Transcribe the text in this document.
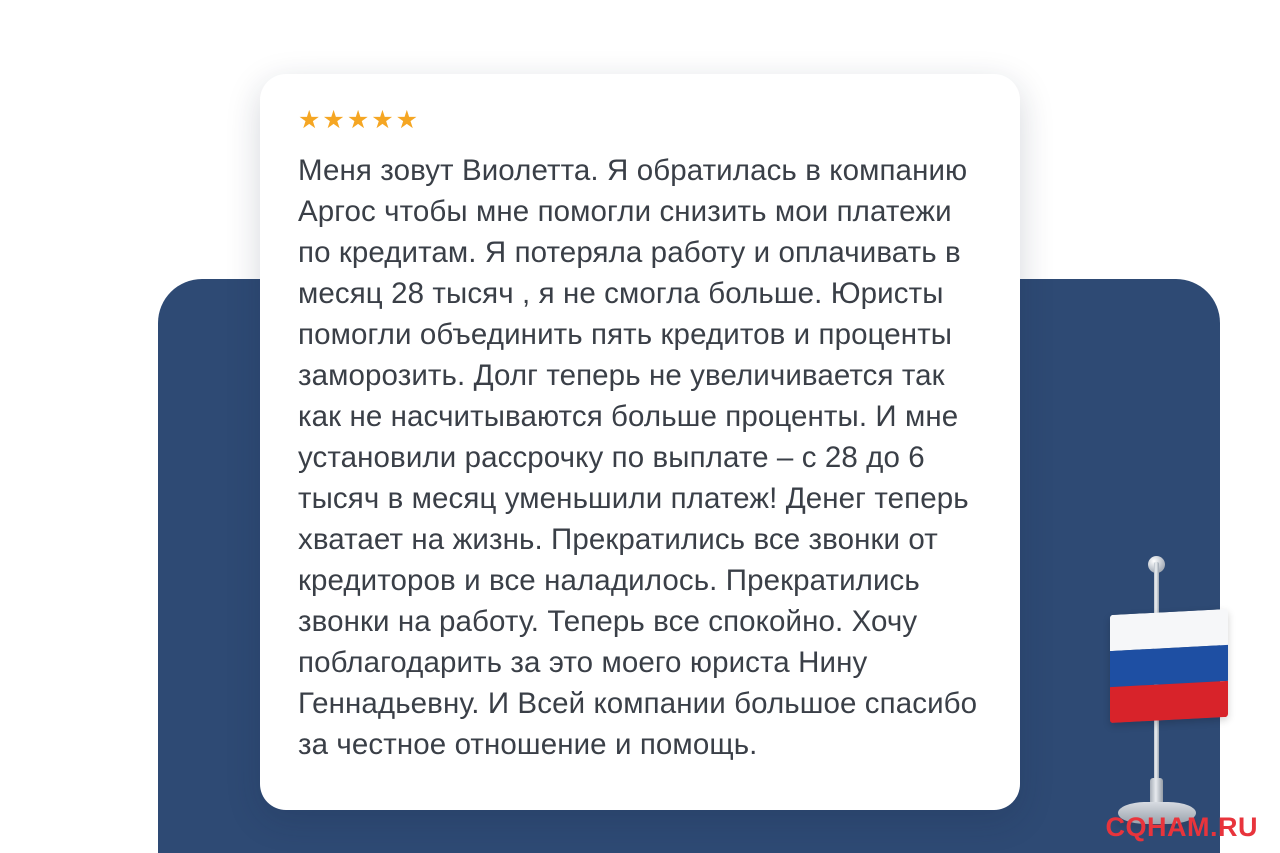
★★★★★
Меня зовут Виолетта. Я обратилась в компанию Аргос чтобы мне помогли снизить мои платежи по кредитам. Я потеряла работу и оплачивать в месяц 28 тысяч , я не смогла больше. Юристы помогли объединить пять кредитов и проценты заморозить. Долг теперь не увеличивается так как не насчитываются больше проценты. И мне установили рассрочку по выплате – с 28 до 6 тысяч в месяц уменьшили платеж! Денег теперь хватает на жизнь. Прекратились все звонки от кредиторов и все наладилось. Прекратились звонки на работу. Теперь все спокойно. Хочу поблагодарить за это моего юриста Нину Геннадьевну. И Всей компании большое спасибо за честное отношение и помощь.
CQHAM.RU
